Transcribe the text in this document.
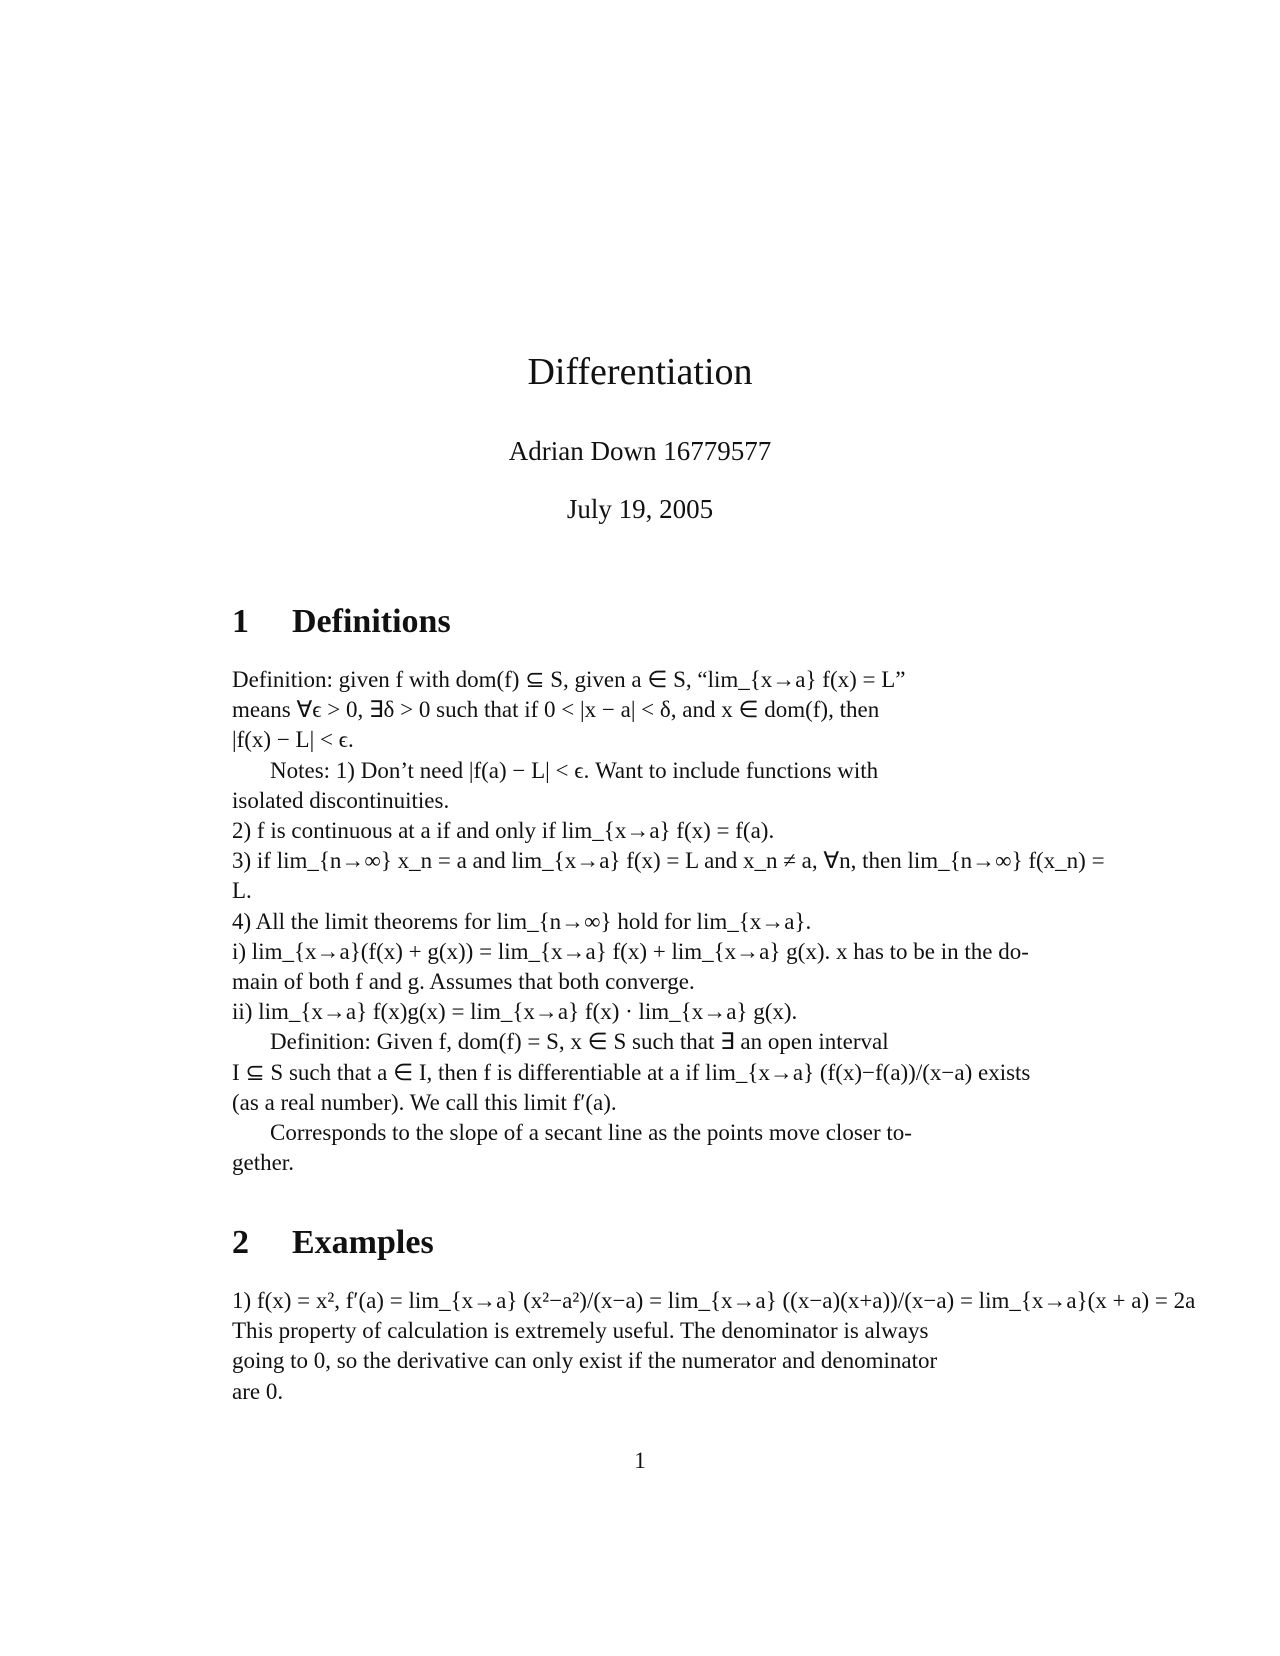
Differentiation
Adrian Down 16779577
July 19, 2005
1 Definitions
Definition: given f with dom(f) ⊆ S, given a ∈ S, “lim_{x→a} f(x) = L”
means ∀ϵ > 0, ∃δ > 0 such that if 0 < |x − a| < δ, and x ∈ dom(f), then
|f(x) − L| < ϵ.
Notes: 1) Don’t need |f(a) − L| < ϵ. Want to include functions with
isolated discontinuities.
2) f is continuous at a if and only if lim_{x→a} f(x) = f(a).
3) if lim_{n→∞} x_n = a and lim_{x→a} f(x) = L and x_n ≠ a, ∀n, then lim_{n→∞} f(x_n) =
L.
4) All the limit theorems for lim_{n→∞} hold for lim_{x→a}.
i) lim_{x→a}(f(x) + g(x)) = lim_{x→a} f(x) + lim_{x→a} g(x). x has to be in the do-
main of both f and g. Assumes that both converge.
ii) lim_{x→a} f(x)g(x) = lim_{x→a} f(x) · lim_{x→a} g(x).
Definition: Given f, dom(f) = S, x ∈ S such that ∃ an open interval
I ⊆ S such that a ∈ I, then f is differentiable at a if lim_{x→a} (f(x)−f(a))/(x−a) exists
(as a real number). We call this limit f′(a).
Corresponds to the slope of a secant line as the points move closer to-
gether.
2 Examples
1) f(x) = x², f′(a) = lim_{x→a} (x²−a²)/(x−a) = lim_{x→a} ((x−a)(x+a))/(x−a) = lim_{x→a}(x + a) = 2a
This property of calculation is extremely useful. The denominator is always
going to 0, so the derivative can only exist if the numerator and denominator
are 0.
1
